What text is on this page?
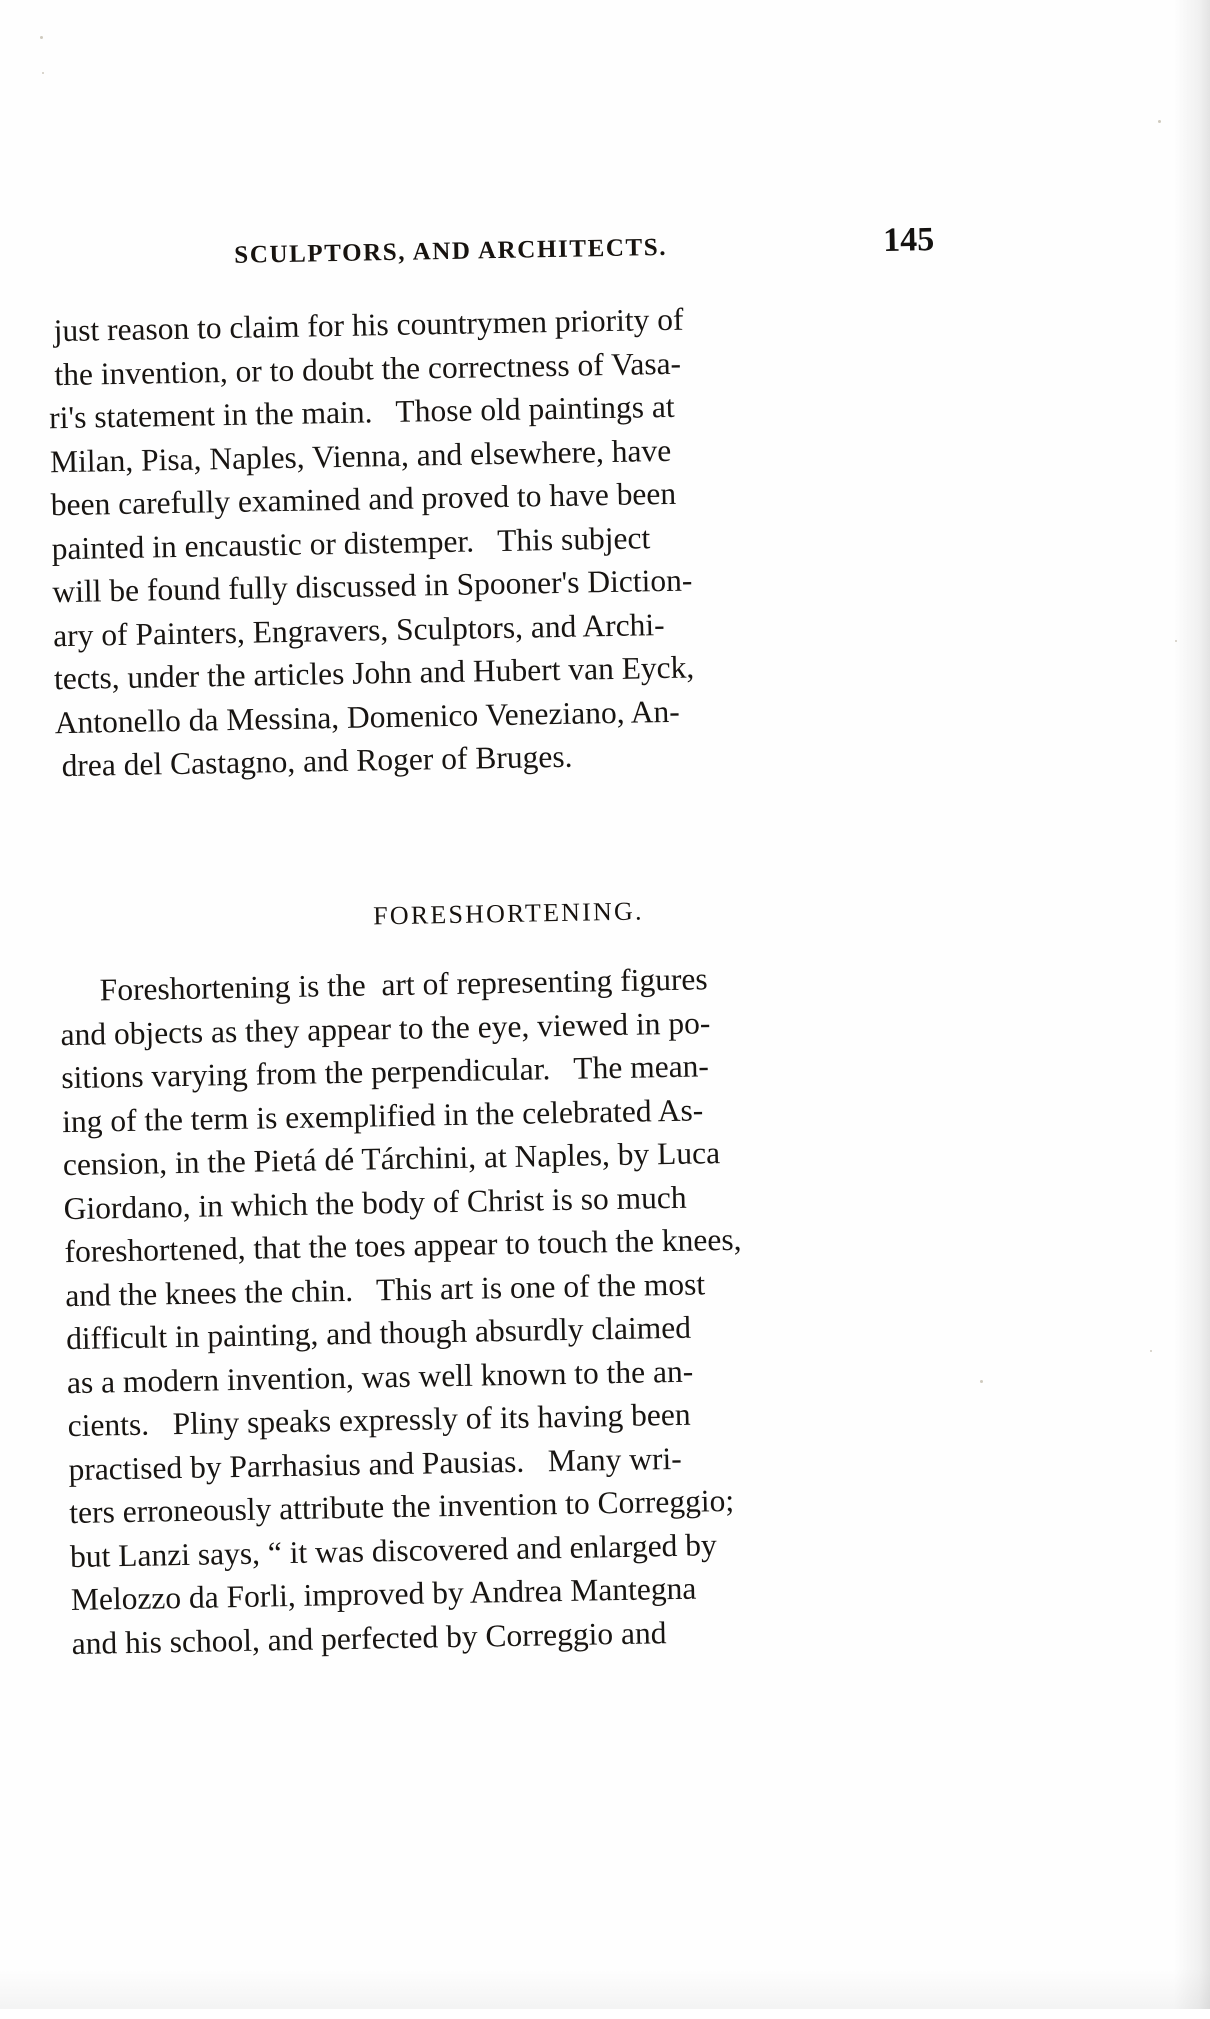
SCULPTORS, AND ARCHITECTS.	145
just reason to claim for his countrymen priority of
the invention, or to doubt the correctness of Vasa-
ri's statement in the main.   Those old paintings at
Milan, Pisa, Naples, Vienna, and elsewhere, have
been carefully examined and proved to have been
painted in encaustic or distemper.   This subject
will be found fully discussed in Spooner's Diction-
ary of Painters, Engravers, Sculptors, and Archi-
tects, under the articles John and Hubert van Eyck,
Antonello da Messina, Domenico Veneziano, An-
drea del Castagno, and Roger of Bruges.
FORESHORTENING.
Foreshortening is the  art of representing figures
and objects as they appear to the eye, viewed in po-
sitions varying from the perpendicular.   The mean-
ing of the term is exemplified in the celebrated As-
cension, in the Pietá dé Tárchini, at Naples, by Luca
Giordano, in which the body of Christ is so much
foreshortened, that the toes appear to touch the knees,
and the knees the chin.   This art is one of the most
difficult in painting, and though absurdly claimed
as a modern invention, was well known to the an-
cients.   Pliny speaks expressly of its having been
practised by Parrhasius and Pausias.   Many wri-
ters erroneously attribute the invention to Correggio;
but Lanzi says, “ it was discovered and enlarged by
Melozzo da Forli, improved by Andrea Mantegna
and his school, and perfected by Correggio and
